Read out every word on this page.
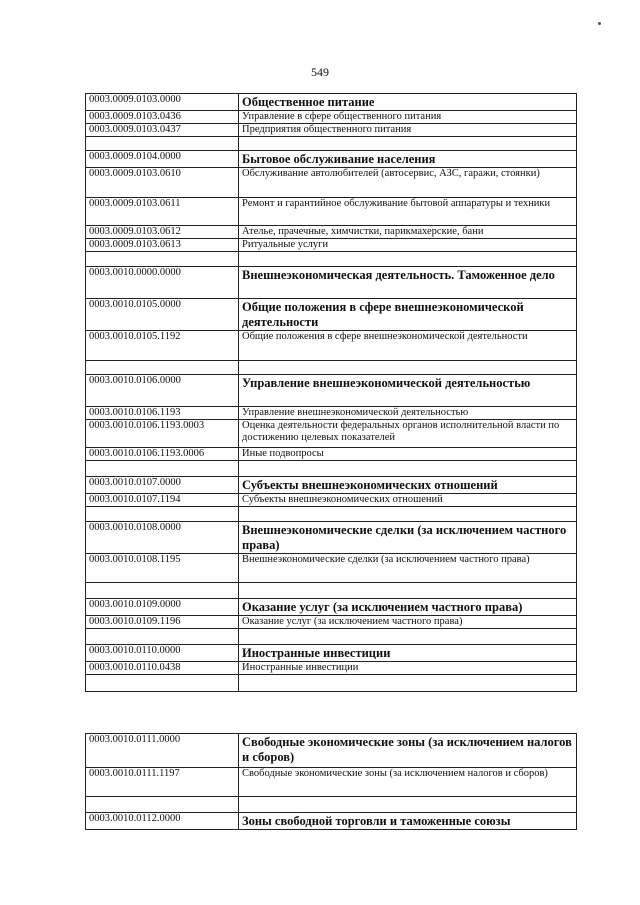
549
0003.0009.0103.0000	Общественное питание
0003.0009.0103.0436	Управление в сфере общественного питания
0003.0009.0103.0437	Предприятия общественного питания

0003.0009.0104.0000	Бытовое обслуживание населения
0003.0009.0103.0610	Обслуживание автолюбителей (автосервис, АЗС, гаражи, стоянки)
0003.0009.0103.0611	Ремонт и гарантийное обслуживание бытовой аппаратуры и техники
0003.0009.0103.0612	Ателье, прачечные, химчистки, парикмахерские, бани
0003.0009.0103.0613	Ритуальные услуги

0003.0010.0000.0000	Внешнеэкономическая деятельность. Таможенное дело
0003.0010.0105.0000	Общие положения в сфере внешнеэкономической деятельности
0003.0010.0105.1192	Общие положения в сфере внешнеэкономической деятельности

0003.0010.0106.0000	Управление внешнеэкономической деятельностью
0003.0010.0106.1193	Управление внешнеэкономической деятельностью
0003.0010.0106.1193.0003	Оценка деятельности федеральных органов исполнительной власти по достижению целевых показателей
0003.0010.0106.1193.0006	Иные подвопросы

0003.0010.0107.0000	Субъекты внешнеэкономических отношений
0003.0010.0107.1194	Субъекты внешнеэкономических отношений

0003.0010.0108.0000	Внешнеэкономические сделки (за исключением частного права)
0003.0010.0108.1195	Внешнеэкономические сделки (за исключением частного права)

0003.0010.0109.0000	Оказание услуг (за исключением частного права)
0003.0010.0109.1196	Оказание услуг (за исключением частного права)

0003.0010.0110.0000	Иностранные инвестиции
0003.0010.0110.0438	Иностранные инвестиции

0003.0010.0111.0000	Свободные экономические зоны (за исключением налогов и сборов)
0003.0010.0111.1197	Свободные экономические зоны (за исключением налогов и сборов)

0003.0010.0112.0000	Зоны свободной торговли и таможенные союзы
